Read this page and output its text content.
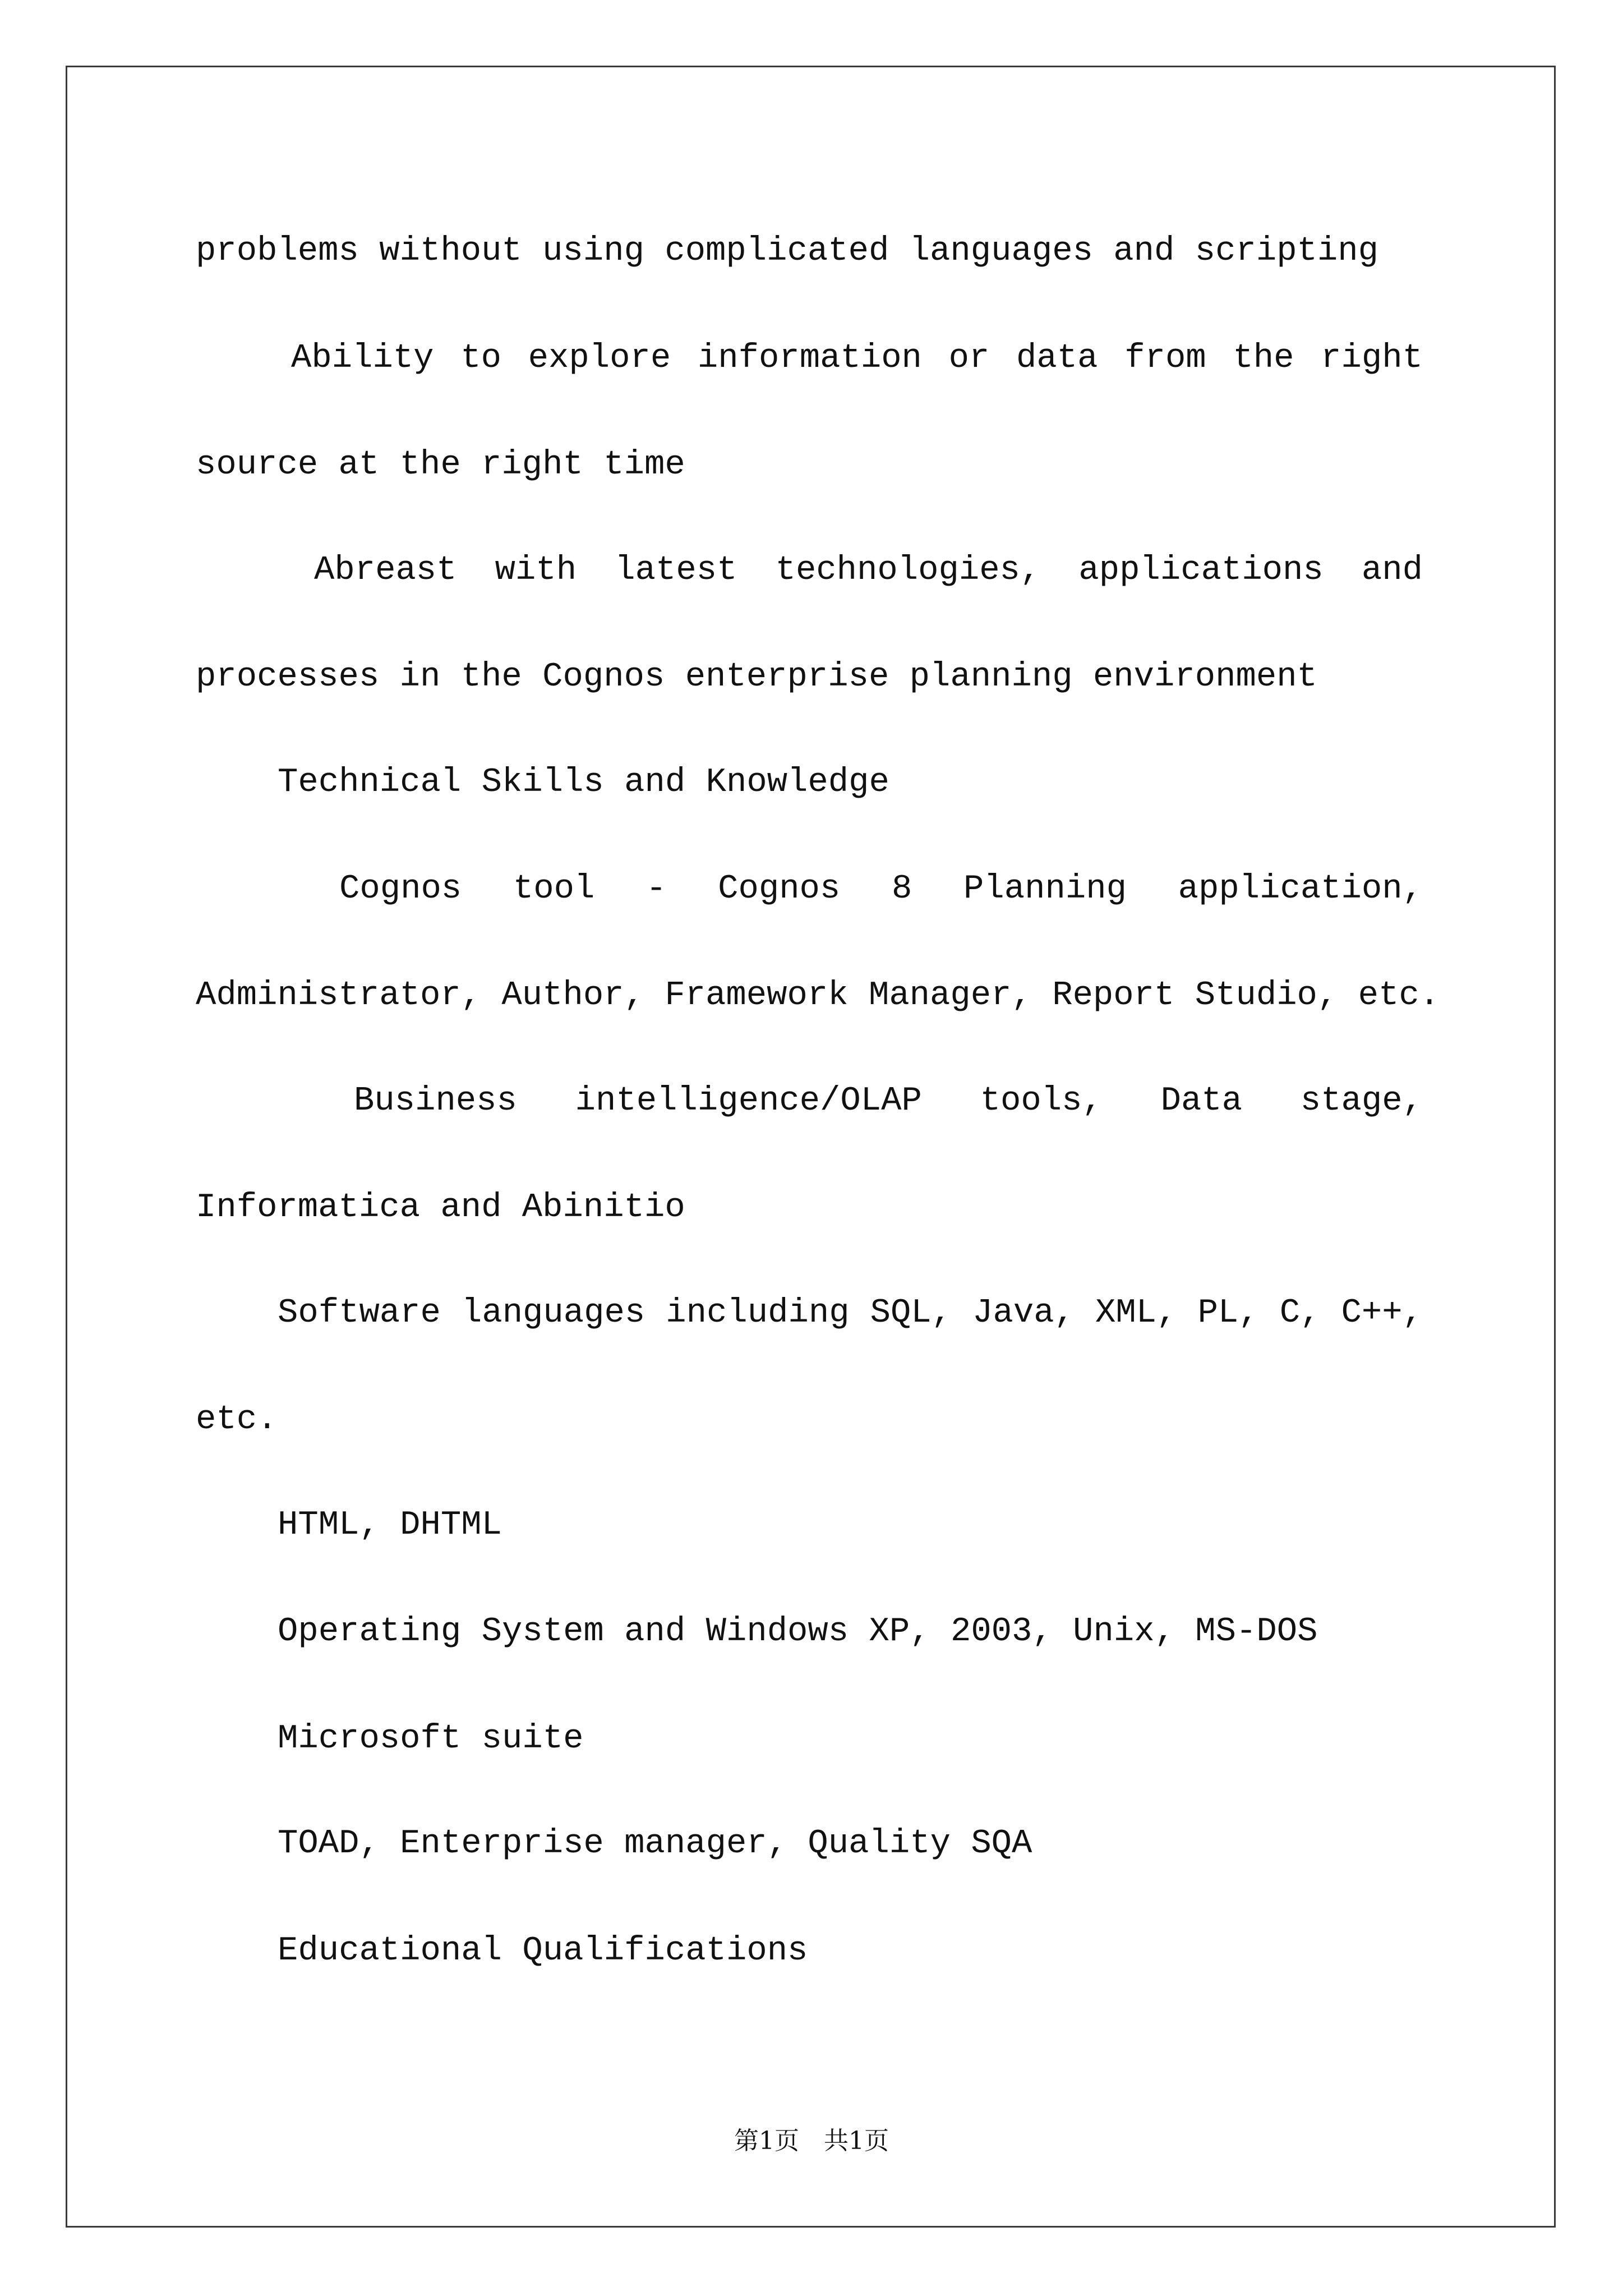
problems without using complicated languages and scripting
Ability to explore information or data from the right
source at the right time
Abreast with latest technologies, applications and
processes in the Cognos enterprise planning environment
Technical Skills and Knowledge
Cognos tool - Cognos 8 Planning application,
Administrator, Author, Framework Manager, Report Studio, etc.
Business intelligence/OLAP tools, Data stage,
Informatica and Abinitio
Software languages including SQL, Java, XML, PL, C, C++,
etc.
HTML, DHTML
Operating System and Windows XP, 2003, Unix, MS-DOS
Microsoft suite
TOAD, Enterprise manager, Quality SQA
Educational Qualifications
第1页　共1页
